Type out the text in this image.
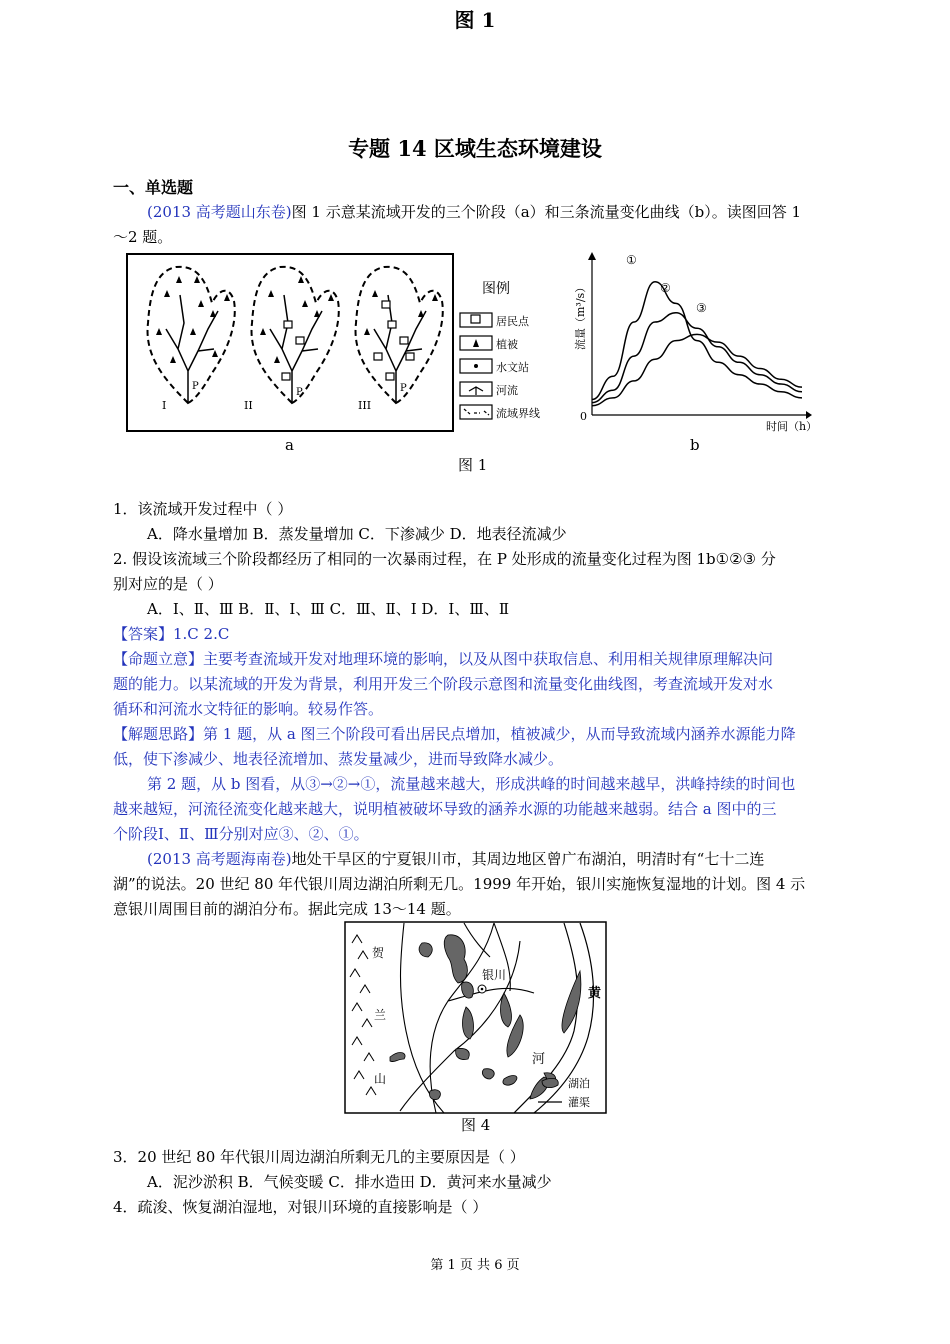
图 1
专题 14 区域生态环境建设
一、单选题
(2013 高考题山东卷)图 1 示意某流域开发的三个阶段（a）和三条流量变化曲线（b）。读图回答 1
～2 题。
I	II	III
P
P	P
图例
居民点
植被
水文站
河流
流域界线	0
时间（h）
流量（m³/s）
①
②
③
a	b
图 1
1．该流域开发过程中（ ）
A．降水量增加 B．蒸发量增加 C．下渗减少 D．地表径流减少
2. 假设该流域三个阶段都经历了相同的一次暴雨过程，在 P 处形成的流量变化过程为图 1b①②③ 分
别对应的是（ ）
A．Ⅰ、Ⅱ、Ⅲ B．Ⅱ、Ⅰ、Ⅲ C．Ⅲ、Ⅱ、Ⅰ D．Ⅰ、Ⅲ、Ⅱ
【答案】1.C 2.C
【命题立意】主要考查流域开发对地理环境的影响，以及从图中获取信息、利用相关规律原理解决问
题的能力。以某流域的开发为背景，利用开发三个阶段示意图和流量变化曲线图，考查流域开发对水
循环和河流水文特征的影响。较易作答。
【解题思路】第 1 题，从 a 图三个阶段可看出居民点增加，植被减少，从而导致流域内涵养水源能力降
低，使下渗减少、地表径流增加、蒸发量减少，进而导致降水减少。
第 2 题，从 b 图看，从③→②→①，流量越来越大，形成洪峰的时间越来越早，洪峰持续的时间也
越来越短，河流径流变化越来越大，说明植被破坏导致的涵养水源的功能越来越弱。结合 a 图中的三
个阶段Ⅰ、Ⅱ、Ⅲ分别对应③、②、①。
(2013 高考题海南卷)地处干旱区的宁夏银川市，其周边地区曾广布湖泊，明清时有“七十二连
湖”的说法。20 世纪 80 年代银川周边湖泊所剩无几。1999 年开始，银川实施恢复湿地的计划。图 4 示
意银川周围目前的湖泊分布。据此完成 13～14 题。
贺
兰
山
黄
河
银川
湖泊
灌渠
图 4
3．20 世纪 80 年代银川周边湖泊所剩无几的主要原因是（ ）
A．泥沙淤积 B．气候变暖 C．排水造田 D．黄河来水量减少
4．疏浚、恢复湖泊湿地，对银川环境的直接影响是（ ）
第 1 页 共 6 页
